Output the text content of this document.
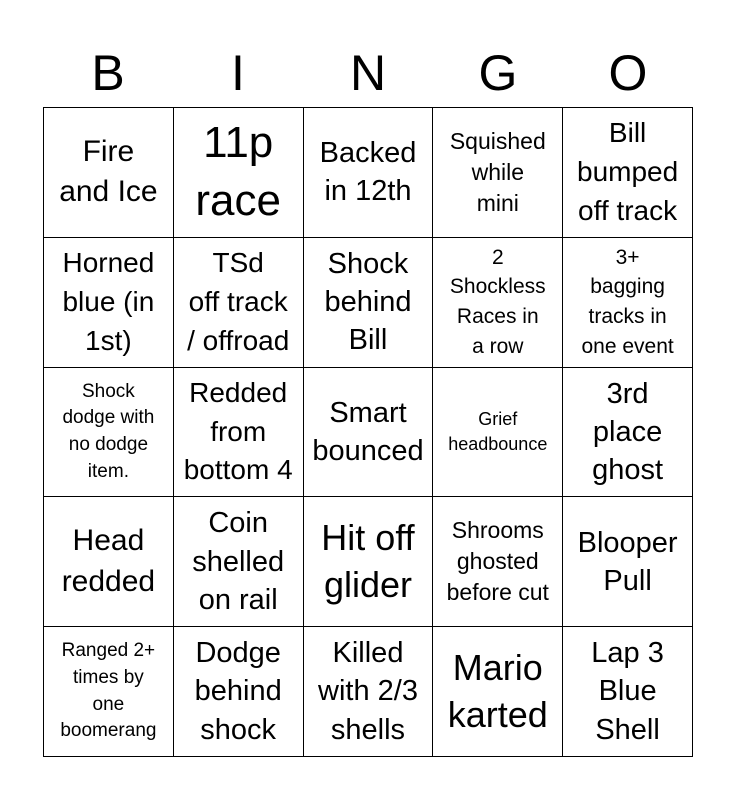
B	I	N	G	O
Fire
and Ice
11p
race
Backed
in 12th
Squished
while
mini
Bill
bumped
off track
Horned
blue (in
1st)
TSd
off track
/ offroad
Shock
behind
Bill
2
Shockless
Races in
a row
3+
bagging
tracks in
one event
Shock
dodge with
no dodge
item.
Redded
from
bottom 4
Smart
bounced
Grief
headbounce
3rd
place
ghost
Head
redded
Coin
shelled
on rail
Hit off
glider
Shrooms
ghosted
before cut
Blooper
Pull
Ranged 2+
times by
one
boomerang
Dodge
behind
shock
Killed
with 2/3
shells
Mario
karted
Lap 3
Blue
Shell
